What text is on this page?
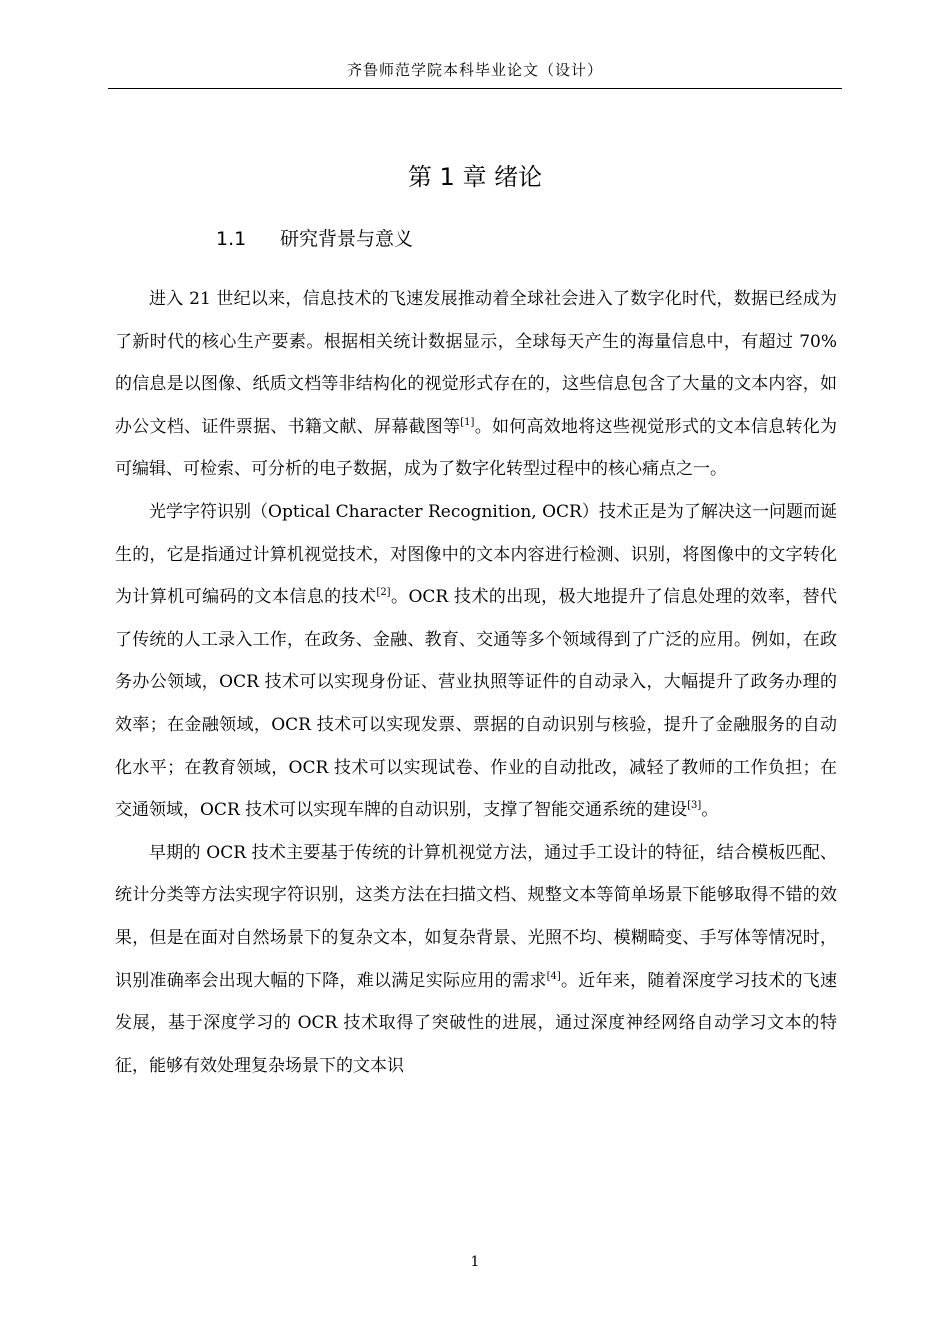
齐鲁师范学院本科毕业论文（设计）
第 1 章 绪论
1.1 研究背景与意义

进入 21 世纪以来，信息技术的飞速发展推动着全球社会进入了数字化时代，数据已经成为了新时代的核心生产要素。根据相关统计数据显示，全球每天产生的海量信息中，有超过 70%的信息是以图像、纸质文档等非结构化的视觉形式存在的，这些信息包含了大量的文本内容，如办公文档、证件票据、书籍文献、屏幕截图等[1]。如何高效地将这些视觉形式的文本信息转化为可编辑、可检索、可分析的电子数据，成为了数字化转型过程中的核心痛点之一。

光学字符识别（Optical Character Recognition, OCR）技术正是为了解决这一问题而诞生的，它是指通过计算机视觉技术，对图像中的文本内容进行检测、识别，将图像中的文字转化为计算机可编码的文本信息的技术[2]。OCR 技术的出现，极大地提升了信息处理的效率，替代了传统的人工录入工作，在政务、金融、教育、交通等多个领域得到了广泛的应用。例如，在政务办公领域，OCR 技术可以实现身份证、营业执照等证件的自动录入，大幅提升了政务办理的效率；在金融领域，OCR 技术可以实现发票、票据的自动识别与核验，提升了金融服务的自动化水平；在教育领域，OCR 技术可以实现试卷、作业的自动批改，减轻了教师的工作负担；在交通领域，OCR 技术可以实现车牌的自动识别，支撑了智能交通系统的建设[3]。

早期的 OCR 技术主要基于传统的计算机视觉方法，通过手工设计的特征，结合模板匹配、统计分类等方法实现字符识别，这类方法在扫描文档、规整文本等简单场景下能够取得不错的效果，但是在面对自然场景下的复杂文本，如复杂背景、光照不均、模糊畸变、手写体等情况时，识别准确率会出现大幅的下降，难以满足实际应用的需求[4]。近年来，随着深度学习技术的飞速发展，基于深度学习的 OCR 技术取得了突破性的进展，通过深度神经网络自动学习文本的特征，能够有效处理复杂场景下的文本识

1
